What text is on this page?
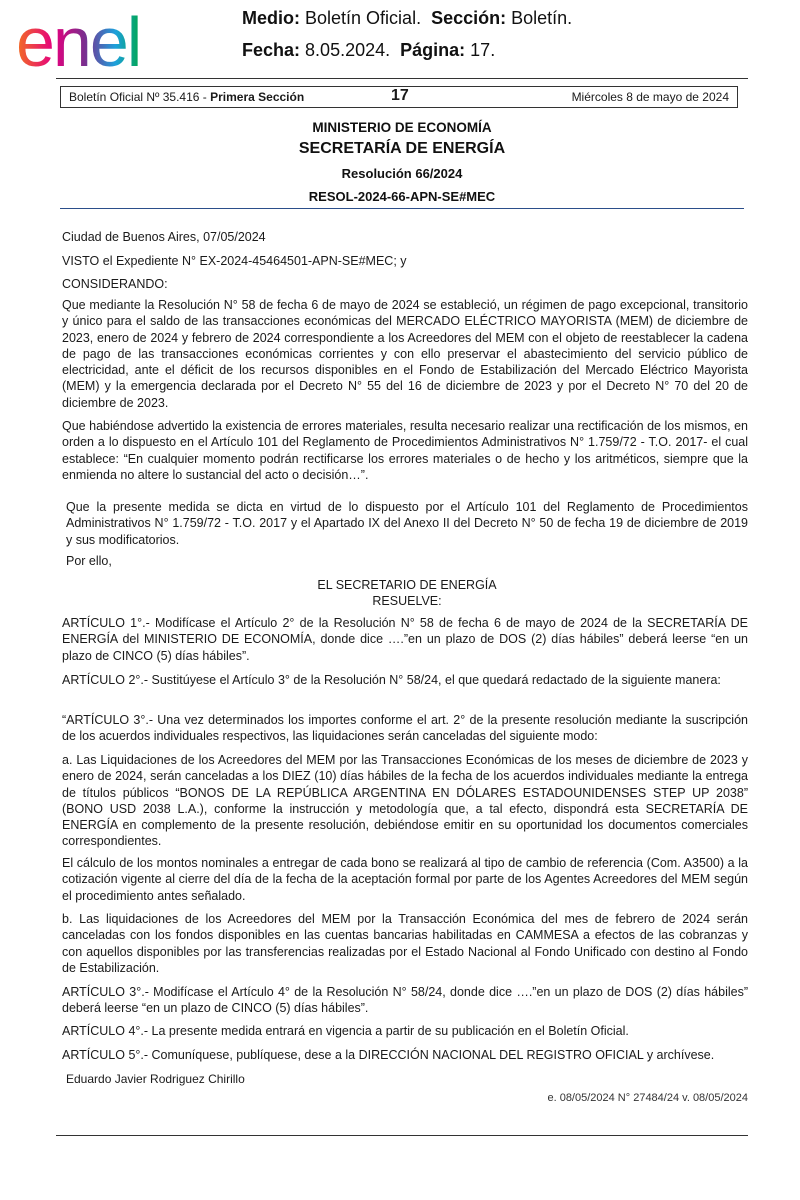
enel	Medio: Boletín Oficial. Sección: Boletín.
Fecha: 8.05.2024. Página: 17.
Boletín Oficial Nº 35.416 - Primera Sección	17	Miércoles 8 de mayo de 2024
MINISTERIO DE ECONOMÍA
SECRETARÍA DE ENERGÍA
Resolución 66/2024
RESOL-2024-66-APN-SE#MEC

Ciudad de Buenos Aires, 07/05/2024

VISTO el Expediente N° EX-2024-45464501-APN-SE#MEC; y

CONSIDERANDO:

Que mediante la Resolución N° 58 de fecha 6 de mayo de 2024 se estableció, un régimen de pago excepcional, transitorio y único para el saldo de las transacciones económicas del MERCADO ELÉCTRICO MAYORISTA (MEM) de diciembre de 2023, enero de 2024 y febrero de 2024 correspondiente a los Acreedores del MEM con el objeto de reestablecer la cadena de pago de las transacciones económicas corrientes y con ello preservar el abastecimiento del servicio público de electricidad, ante el déficit de los recursos disponibles en el Fondo de Estabilización del Mercado Eléctrico Mayorista (MEM) y la emergencia declarada por el Decreto N° 55 del 16 de diciembre de 2023 y por el Decreto N° 70 del 20 de diciembre de 2023.

Que habiéndose advertido la existencia de errores materiales, resulta necesario realizar una rectificación de los mismos, en orden a lo dispuesto en el Artículo 101 del Reglamento de Procedimientos Administrativos N° 1.759/72 - T.O. 2017- el cual establece: “En cualquier momento podrán rectificarse los errores materiales o de hecho y los aritméticos, siempre que la enmienda no altere lo sustancial del acto o decisión…”.

Que la presente medida se dicta en virtud de lo dispuesto por el Artículo 101 del Reglamento de Procedimientos Administrativos N° 1.759/72 - T.O. 2017 y el Apartado IX del Anexo II del Decreto N° 50 de fecha 19 de diciembre de 2019 y sus modificatorios.

Por ello,

EL SECRETARIO DE ENERGÍA

RESUELVE:

ARTÍCULO 1°.- Modifícase el Artículo 2° de la Resolución N° 58 de fecha 6 de mayo de 2024 de la SECRETARÍA DE ENERGÍA del MINISTERIO DE ECONOMÍA, donde dice ….”en un plazo de DOS (2) días hábiles” deberá leerse “en un plazo de CINCO (5) días hábiles”.

ARTÍCULO 2°.- Sustitúyese el Artículo 3° de la Resolución N° 58/24, el que quedará redactado de la siguiente manera:

“ARTÍCULO 3°.- Una vez determinados los importes conforme el art. 2° de la presente resolución mediante la suscripción de los acuerdos individuales respectivos, las liquidaciones serán canceladas del siguiente modo:

a. Las Liquidaciones de los Acreedores del MEM por las Transacciones Económicas de los meses de diciembre de 2023 y enero de 2024, serán canceladas a los DIEZ (10) días hábiles de la fecha de los acuerdos individuales mediante la entrega de títulos públicos “BONOS DE LA REPÚBLICA ARGENTINA EN DÓLARES ESTADOUNIDENSES STEP UP 2038” (BONO USD 2038 L.A.), conforme la instrucción y metodología que, a tal efecto, dispondrá esta SECRETARÍA DE ENERGÍA en complemento de la presente resolución, debiéndose emitir en su oportunidad los documentos comerciales correspondientes.

El cálculo de los montos nominales a entregar de cada bono se realizará al tipo de cambio de referencia (Com. A3500) a la cotización vigente al cierre del día de la fecha de la aceptación formal por parte de los Agentes Acreedores del MEM según el procedimiento antes señalado.

b. Las liquidaciones de los Acreedores del MEM por la Transacción Económica del mes de febrero de 2024 serán canceladas con los fondos disponibles en las cuentas bancarias habilitadas en CAMMESA a efectos de las cobranzas y con aquellos disponibles por las transferencias realizadas por el Estado Nacional al Fondo Unificado con destino al Fondo de Estabilización.

ARTÍCULO 3°.- Modifícase el Artículo 4° de la Resolución N° 58/24, donde dice ….”en un plazo de DOS (2) días hábiles” deberá leerse “en un plazo de CINCO (5) días hábiles”.

ARTÍCULO 4°.- La presente medida entrará en vigencia a partir de su publicación en el Boletín Oficial.

ARTÍCULO 5°.- Comuníquese, publíquese, dese a la DIRECCIÓN NACIONAL DEL REGISTRO OFICIAL y archívese.

Eduardo Javier Rodriguez Chirillo

e. 08/05/2024 N° 27484/24 v. 08/05/2024
